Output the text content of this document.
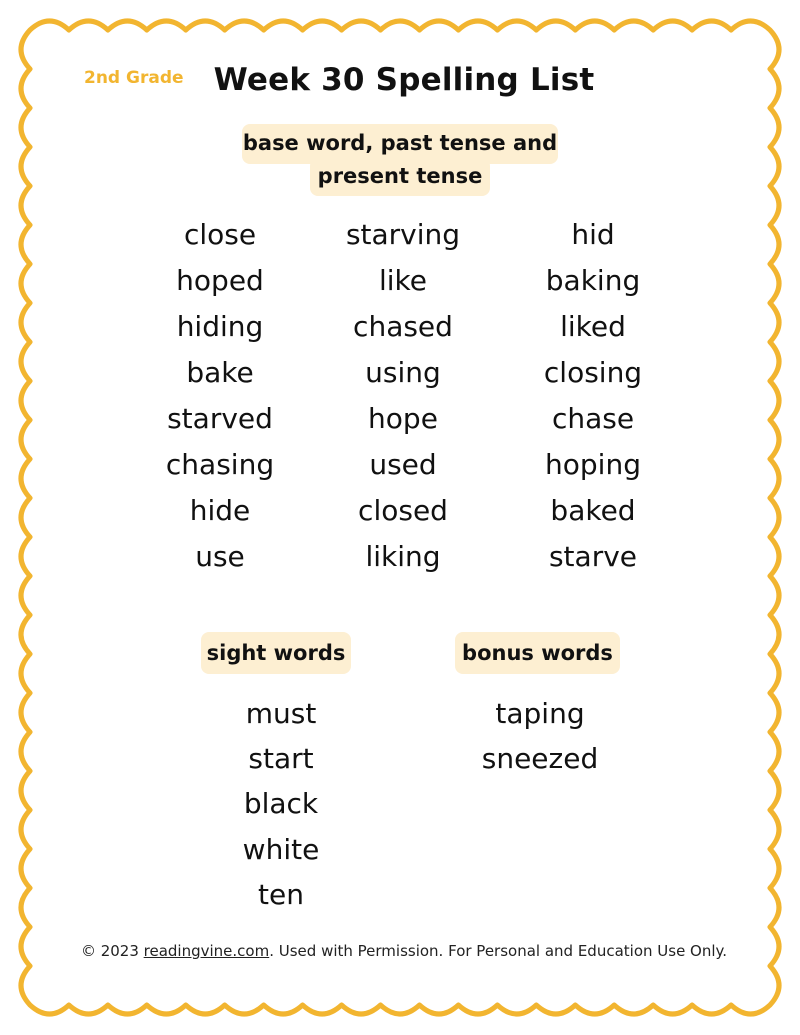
2nd Grade Week 30 Spelling List
base word, past tense and
present tense
close
hoped
hiding
bake
starved
chasing
hide
use
starving
like
chased
using
hope
used
closed
liking
hid
baking
liked
closing
chase
hoping
baked
starve
sight words	bonus words
must
start
black
white
ten
taping
sneezed
© 2023 readingvine.com. Used with Permission. For Personal and Education Use Only.
